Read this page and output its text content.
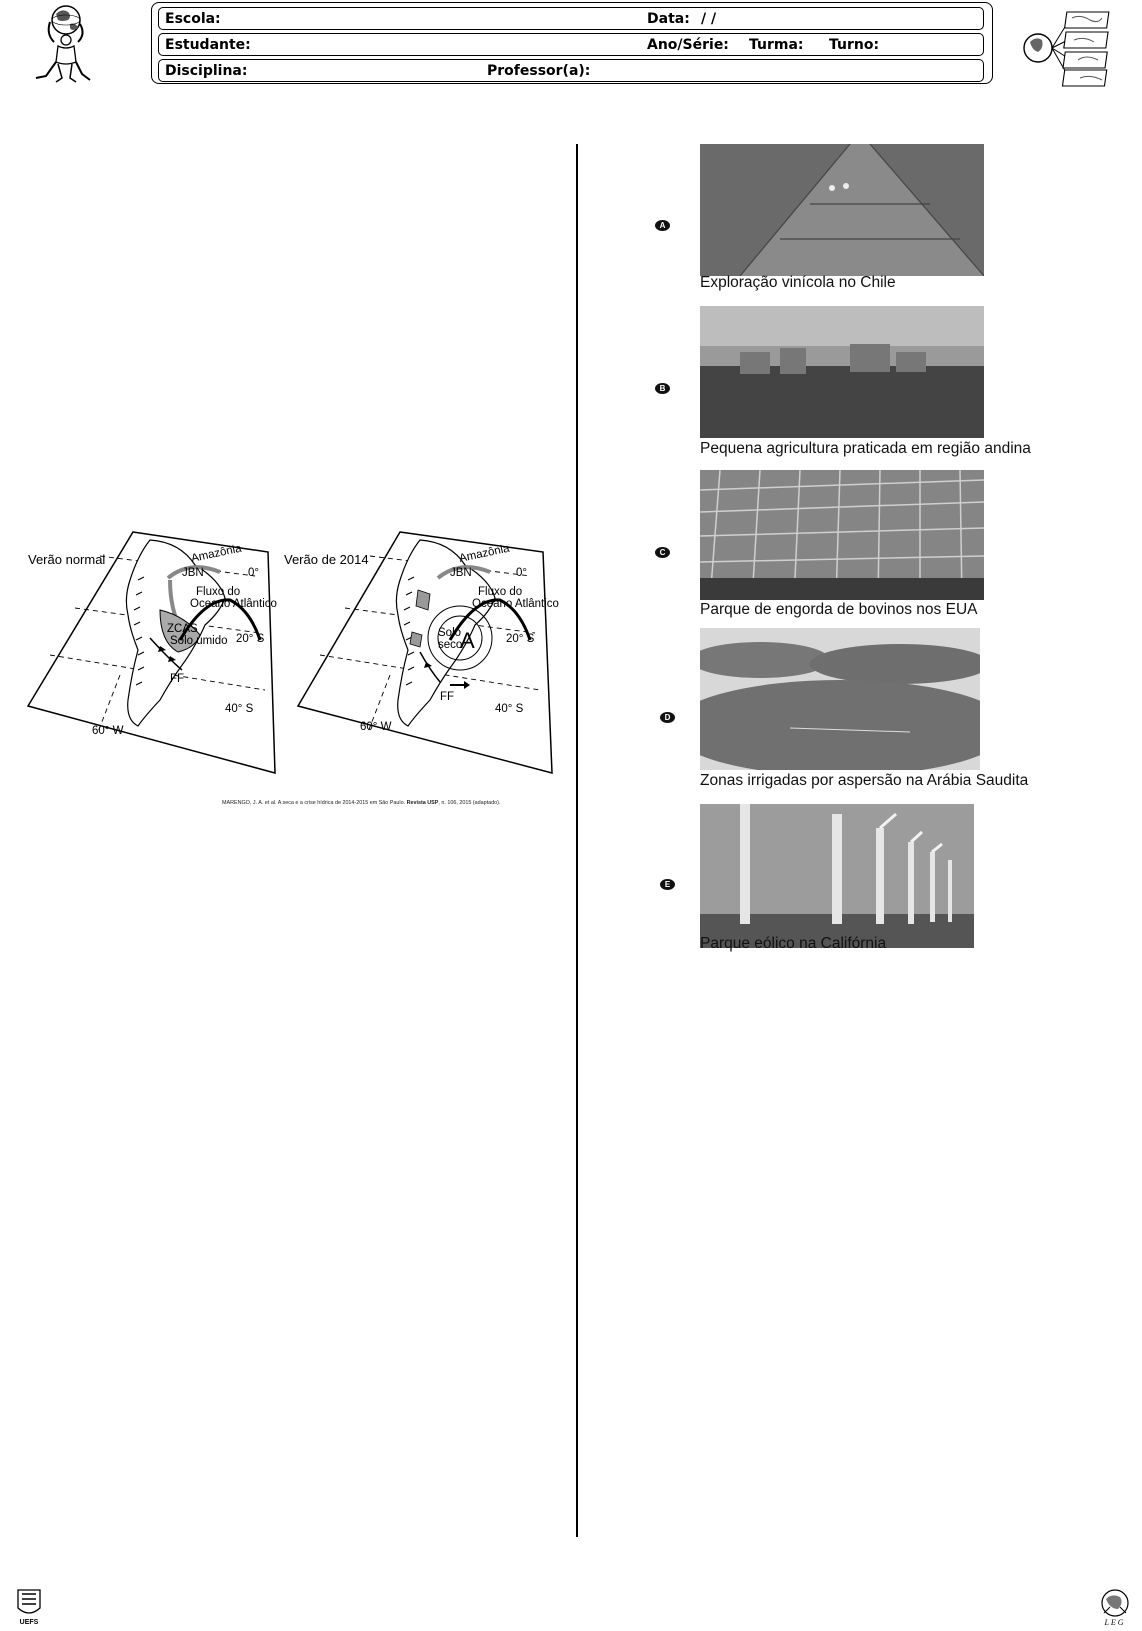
Escola:	Data: / /
Estudante:	Ano/Série: Turma: Turno:
Disciplina:	Professor(a):
Verão normal	Verão de 2014
Amazônia
JBN
Fluxo do
Oceano Atlântico
ZCAS
Solo úmido
FF
0°
20° S
40° S
60° W
Amazônia
JBN
Fluxo do
Oceano Atlântico
Solo
seco
A
FF
0°
20° S
40° S
60° W
MARENGO, J. A. et al. A seca e a crise hídrica de 2014-2015 em São Paulo. Revista USP, n. 106, 2015 (adaptado).
A
Exploração vinícola no Chile
B
Pequena agricultura praticada em região andina
C
Parque de engorda de bovinos nos EUA
D
Zonas irrigadas por aspersão na Arábia Saudita
E
Parque eólico na Califórnia
UEFS	LEG
